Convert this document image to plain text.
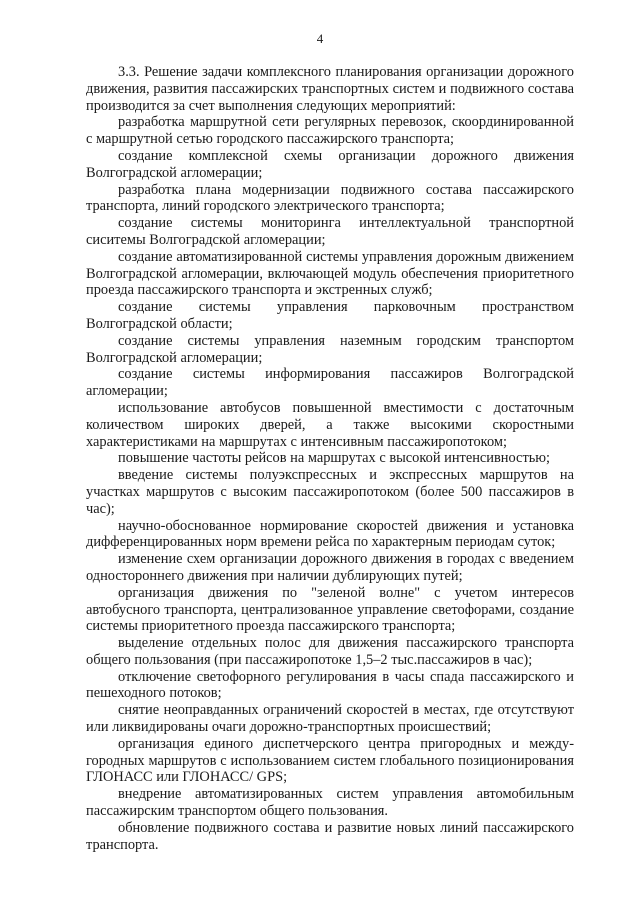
4

3.3. Решение задачи комплексного планирования организации дорожного движения, развития пассажирских транспортных систем и подвижного состава производится за счет выполнения следующих мероприятий:

разработка маршрутной сети регулярных перевозок, скоординированной с маршрутной сетью городского пассажирского транспорта;

создание комплексной схемы организации дорожного движения Волгоградской агломерации;

разработка плана модернизации подвижного состава пассажирского транспорта, линий городского электрического транспорта;

создание системы мониторинга интеллектуальной транспортной сиситемы Волгоградской агломерации;

создание автоматизированной системы управления дорожным движением Волгоградской агломерации, включающей модуль обеспечения приоритетного проезда пассажирского транспорта и экстренных служб;

создание системы управления парковочным пространством Волгоградской области;

создание системы управления наземным городским транспортом Волгоградской агломерации;

создание системы информирования пассажиров Волгоградской агломерации;

использование автобусов повышенной вместимости с достаточным количеством широких дверей, а также высокими скоростными характеристиками на маршрутах с интенсивным пассажиропотоком;

повышение частоты рейсов на маршрутах с высокой интенсивностью;

введение системы полуэкспрессных и экспрессных маршрутов на участках маршрутов с высоким пассажиропотоком (более 500 пассажиров в час);

научно-обоснованное нормирование скоростей движения и установка дифференцированных норм времени рейса по характерным периодам суток;

изменение схем организации дорожного движения в городах с введением одностороннего движения при наличии дублирующих путей;

организация движения по "зеленой волне" с учетом интересов автобусного транспорта, централизованное управление светофорами, создание системы приоритетного проезда пассажирского транспорта;

выделение отдельных полос для движения пассажирского транспорта общего пользования (при пассажиропотоке 1,5–2 тыс.пассажиров в час);

отключение светофорного регулирования в часы спада пассажирского и пешеходного потоков;

снятие неоправданных ограничений скоростей в местах, где отсутствуют или ликвидированы очаги дорожно-транспортных происшествий;

организация единого диспетчерского центра пригородных и междугородных маршрутов с использованием систем глобального позиционирования ГЛОНАСС или ГЛОНАСС/ GPS;

внедрение автоматизированных систем управления автомобильным пассажирским транспортом общего пользования.

обновление подвижного состава и развитие новых линий пассажирского транспорта.
